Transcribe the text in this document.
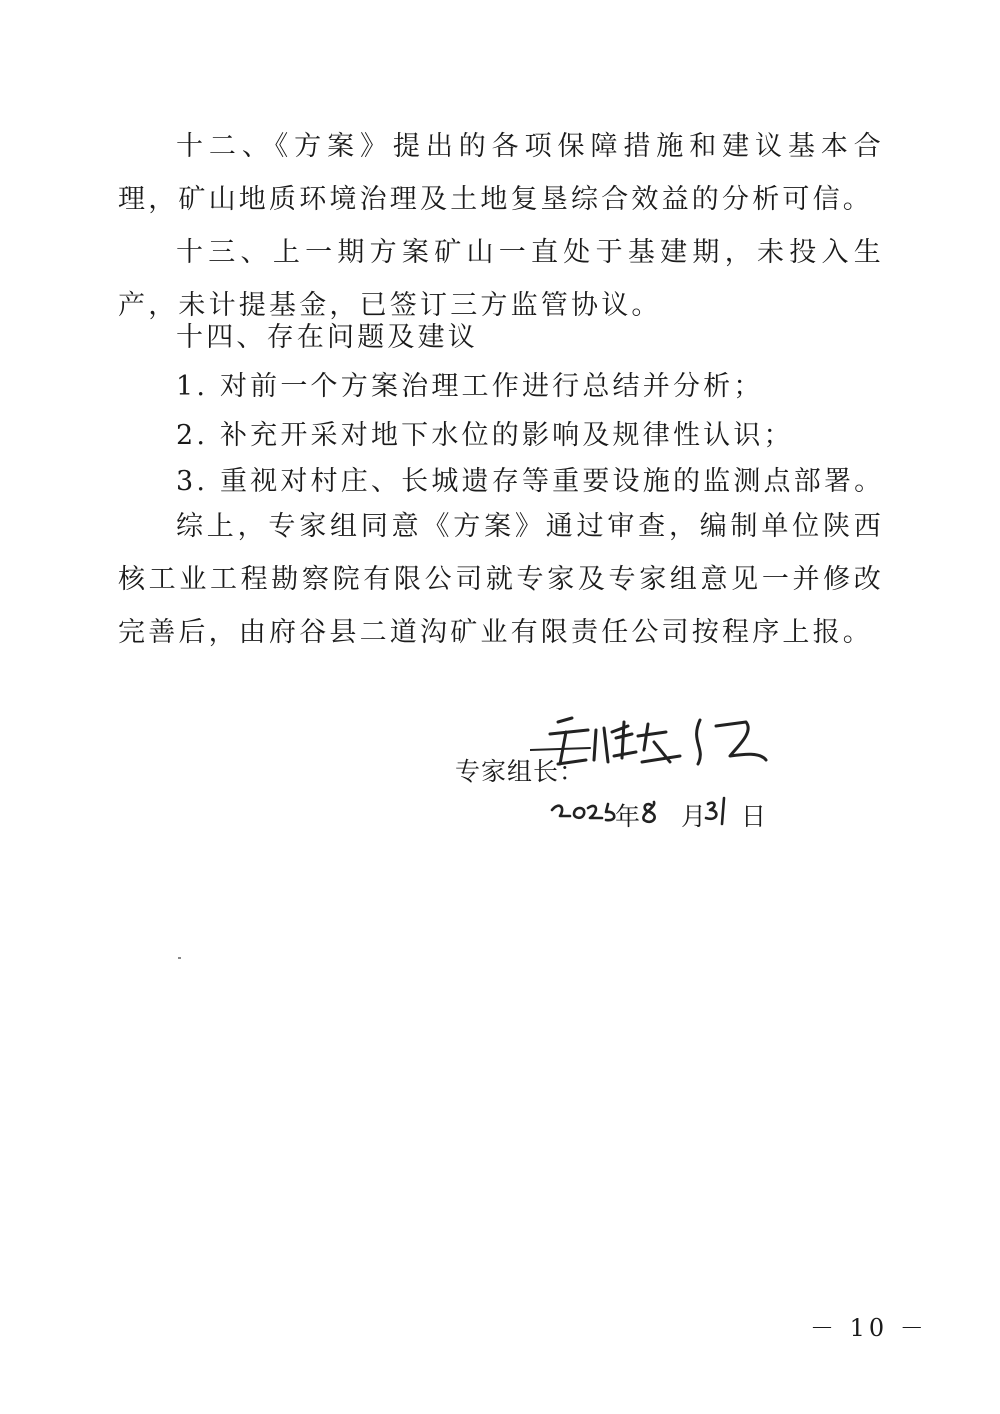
十二、《方案》提出的各项保障措施和建议基本合理，矿山地质环境治理及土地复垦综合效益的分析可信。

十三、上一期方案矿山一直处于基建期，未投入生产，未计提基金，已签订三方监管协议。

十四、存在问题及建议

1. 对前一个方案治理工作进行总结并分析；

2. 补充开采对地下水位的影响及规律性认识；

3. 重视对村庄、长城遗存等重要设施的监测点部署。

综上，专家组同意《方案》通过审查，编制单位陕西核工业工程勘察院有限公司就专家及专家组意见一并修改完善后，由府谷县二道沟矿业有限责任公司按程序上报。

专家组长：
年 月 日
－ 10 －
